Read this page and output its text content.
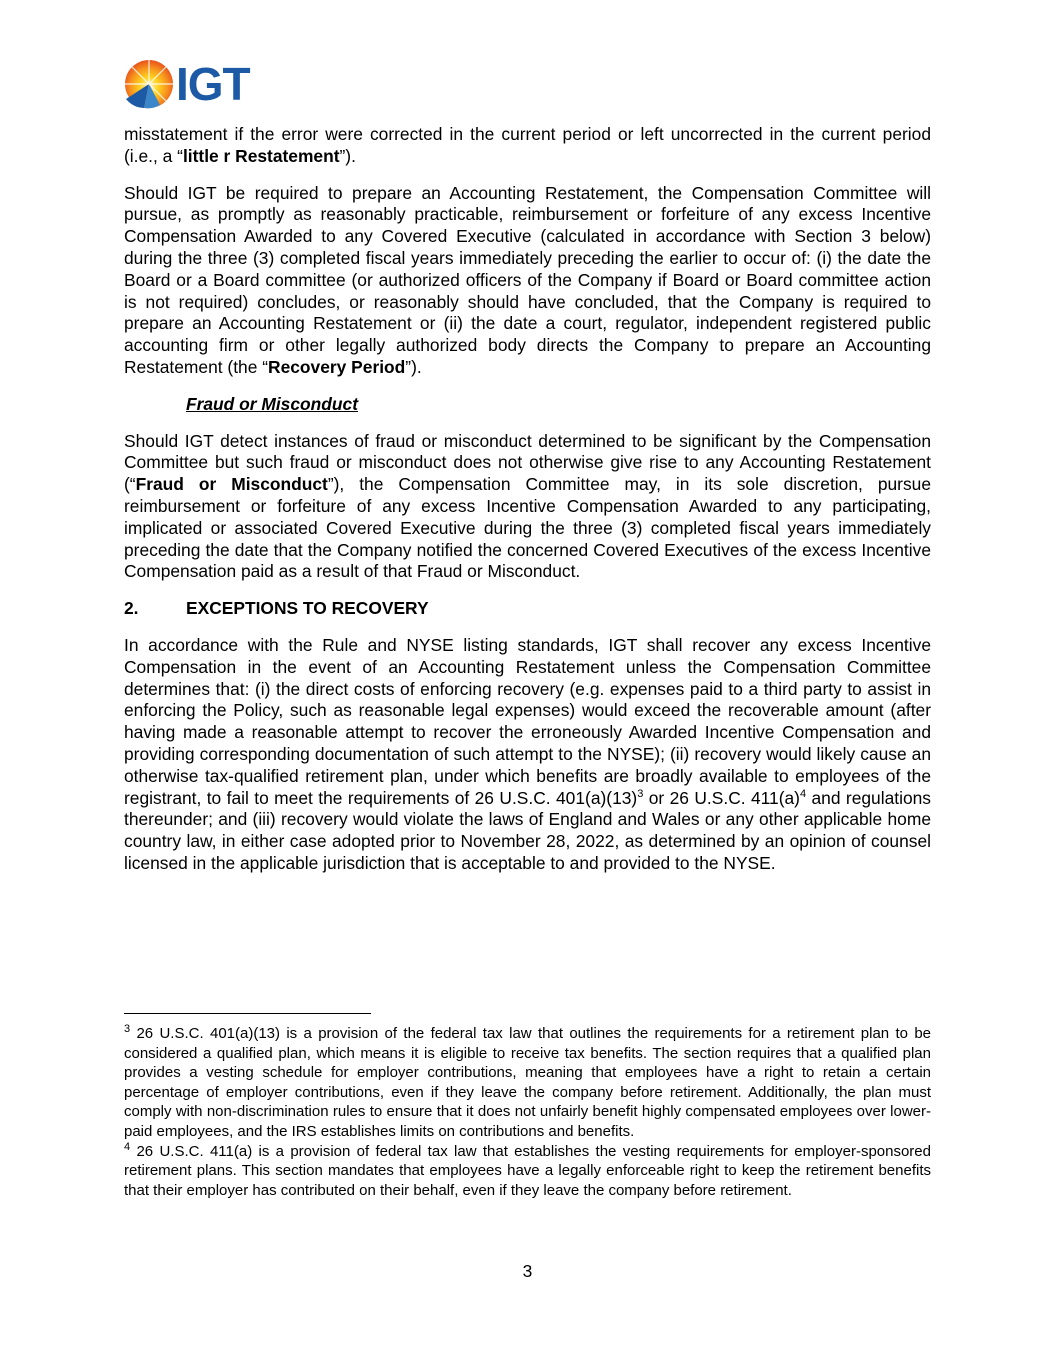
IGT

misstatement if the error were corrected in the current period or left uncorrected in the current period (i.e., a “little r Restatement”).

Should IGT be required to prepare an Accounting Restatement, the Compensation Committee will pursue, as promptly as reasonably practicable, reimbursement or forfeiture of any excess Incentive Compensation Awarded to any Covered Executive (calculated in accordance with Section 3 below) during the three (3) completed fiscal years immediately preceding the earlier to occur of: (i) the date the Board or a Board committee (or authorized officers of the Company if Board or Board committee action is not required) concludes, or reasonably should have concluded, that the Company is required to prepare an Accounting Restatement or (ii) the date a court, regulator, independent registered public accounting firm or other legally authorized body directs the Company to prepare an Accounting Restatement (the “Recovery Period”).

Fraud or Misconduct

Should IGT detect instances of fraud or misconduct determined to be significant by the Compensation Committee but such fraud or misconduct does not otherwise give rise to any Accounting Restatement (“Fraud or Misconduct”), the Compensation Committee may, in its sole discretion, pursue reimbursement or forfeiture of any excess Incentive Compensation Awarded to any participating, implicated or associated Covered Executive during the three (3) completed fiscal years immediately preceding the date that the Company notified the concerned Covered Executives of the excess Incentive Compensation paid as a result of that Fraud or Misconduct.

2.	EXCEPTIONS TO RECOVERY

In accordance with the Rule and NYSE listing standards, IGT shall recover any excess Incentive Compensation in the event of an Accounting Restatement unless the Compensation Committee determines that: (i) the direct costs of enforcing recovery (e.g. expenses paid to a third party to assist in enforcing the Policy, such as reasonable legal expenses) would exceed the recoverable amount (after having made a reasonable attempt to recover the erroneously Awarded Incentive Compensation and providing corresponding documentation of such attempt to the NYSE); (ii) recovery would likely cause an otherwise tax-qualified retirement plan, under which benefits are broadly available to employees of the registrant, to fail to meet the requirements of 26 U.S.C. $401(a)(13)^3$ or 26 U.S.C. $411(a)^4$ and regulations thereunder; and (iii) recovery would violate the laws of England and Wales or any other applicable home country law, in either case adopted prior to November 28, 2022, as determined by an opinion of counsel licensed in the applicable jurisdiction that is acceptable to and provided to the NYSE.

$^3$ 26 U.S.C. 401(a)(13) is a provision of the federal tax law that outlines the requirements for a retirement plan to be considered a qualified plan, which means it is eligible to receive tax benefits. The section requires that a qualified plan provides a vesting schedule for employer contributions, meaning that employees have a right to retain a certain percentage of employer contributions, even if they leave the company before retirement. Additionally, the plan must comply with non-discrimination rules to ensure that it does not unfairly benefit highly compensated employees over lower-paid employees, and the IRS establishes limits on contributions and benefits.

$^4$ 26 U.S.C. 411(a) is a provision of federal tax law that establishes the vesting requirements for employer-sponsored retirement plans. This section mandates that employees have a legally enforceable right to keep the retirement benefits that their employer has contributed on their behalf, even if they leave the company before retirement.

3
